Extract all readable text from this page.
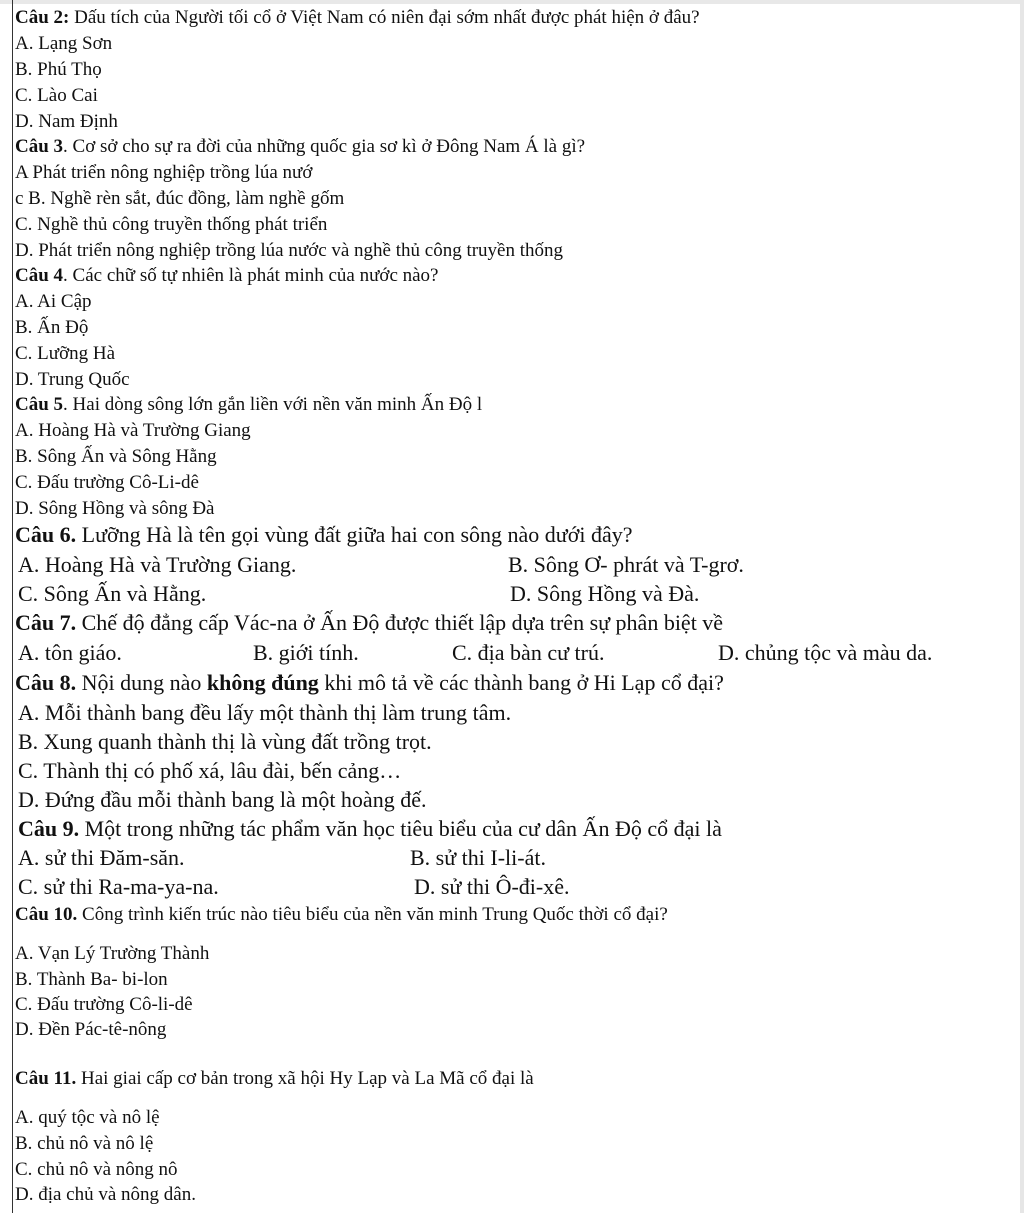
Câu 2: Dấu tích của Người tối cổ ở Việt Nam có niên đại sớm nhất được phát hiện ở đâu?
A. Lạng Sơn
B. Phú Thọ
C. Lào Cai
D. Nam Định
Câu 3. Cơ sở cho sự ra đời của những quốc gia sơ kì ở Đông Nam Á là gì?
A Phát triển nông nghiệp trồng lúa nướ
c B. Nghề rèn sắt, đúc đồng, làm nghề gốm
C. Nghề thủ công truyền thống phát triển
D. Phát triển nông nghiệp trồng lúa nước và nghề thủ công truyền thống
Câu 4. Các chữ số tự nhiên là phát minh của nước nào?
A. Ai Cập
B. Ấn Độ
C. Lưỡng Hà
D. Trung Quốc
Câu 5. Hai dòng sông lớn gắn liền với nền văn minh Ấn Độ l
A. Hoàng Hà và Trường Giang
B. Sông Ấn và Sông Hằng
C. Đấu trường Cô-Li-dê
D. Sông Hồng và sông Đà
Câu 6. Lưỡng Hà là tên gọi vùng đất giữa hai con sông nào dưới đây?
A. Hoàng Hà và Trường Giang.	B. Sông Ơ- phrát và T-grơ.
C. Sông Ấn và Hằng.	D. Sông Hồng và Đà.
Câu 7. Chế độ đẳng cấp Vác-na ở Ấn Độ được thiết lập dựa trên sự phân biệt về
A. tôn giáo.	B. giới tính.	C. địa bàn cư trú.	D. chủng tộc và màu da.
Câu 8. Nội dung nào không đúng khi mô tả về các thành bang ở Hi Lạp cổ đại?
A. Mỗi thành bang đều lấy một thành thị làm trung tâm.
B. Xung quanh thành thị là vùng đất trồng trọt.
C. Thành thị có phố xá, lâu đài, bến cảng…
D. Đứng đầu mỗi thành bang là một hoàng đế.
Câu 9. Một trong những tác phẩm văn học tiêu biểu của cư dân Ấn Độ cổ đại là
A. sử thi Đăm-săn.	B. sử thi I-li-át.
C. sử thi Ra-ma-ya-na.	D. sử thi Ô-đi-xê.
Câu 10. Công trình kiến trúc nào tiêu biểu của nền văn minh Trung Quốc thời cổ đại?
A. Vạn Lý Trường Thành
B. Thành Ba- bi-lon
C. Đấu trường Cô-li-dê
D. Đền Pác-tê-nông
Câu 11. Hai giai cấp cơ bản trong xã hội Hy Lạp và La Mã cổ đại là
A. quý tộc và nô lệ
B. chủ nô và nô lệ
C. chủ nô và nông nô
D. địa chủ và nông dân.
